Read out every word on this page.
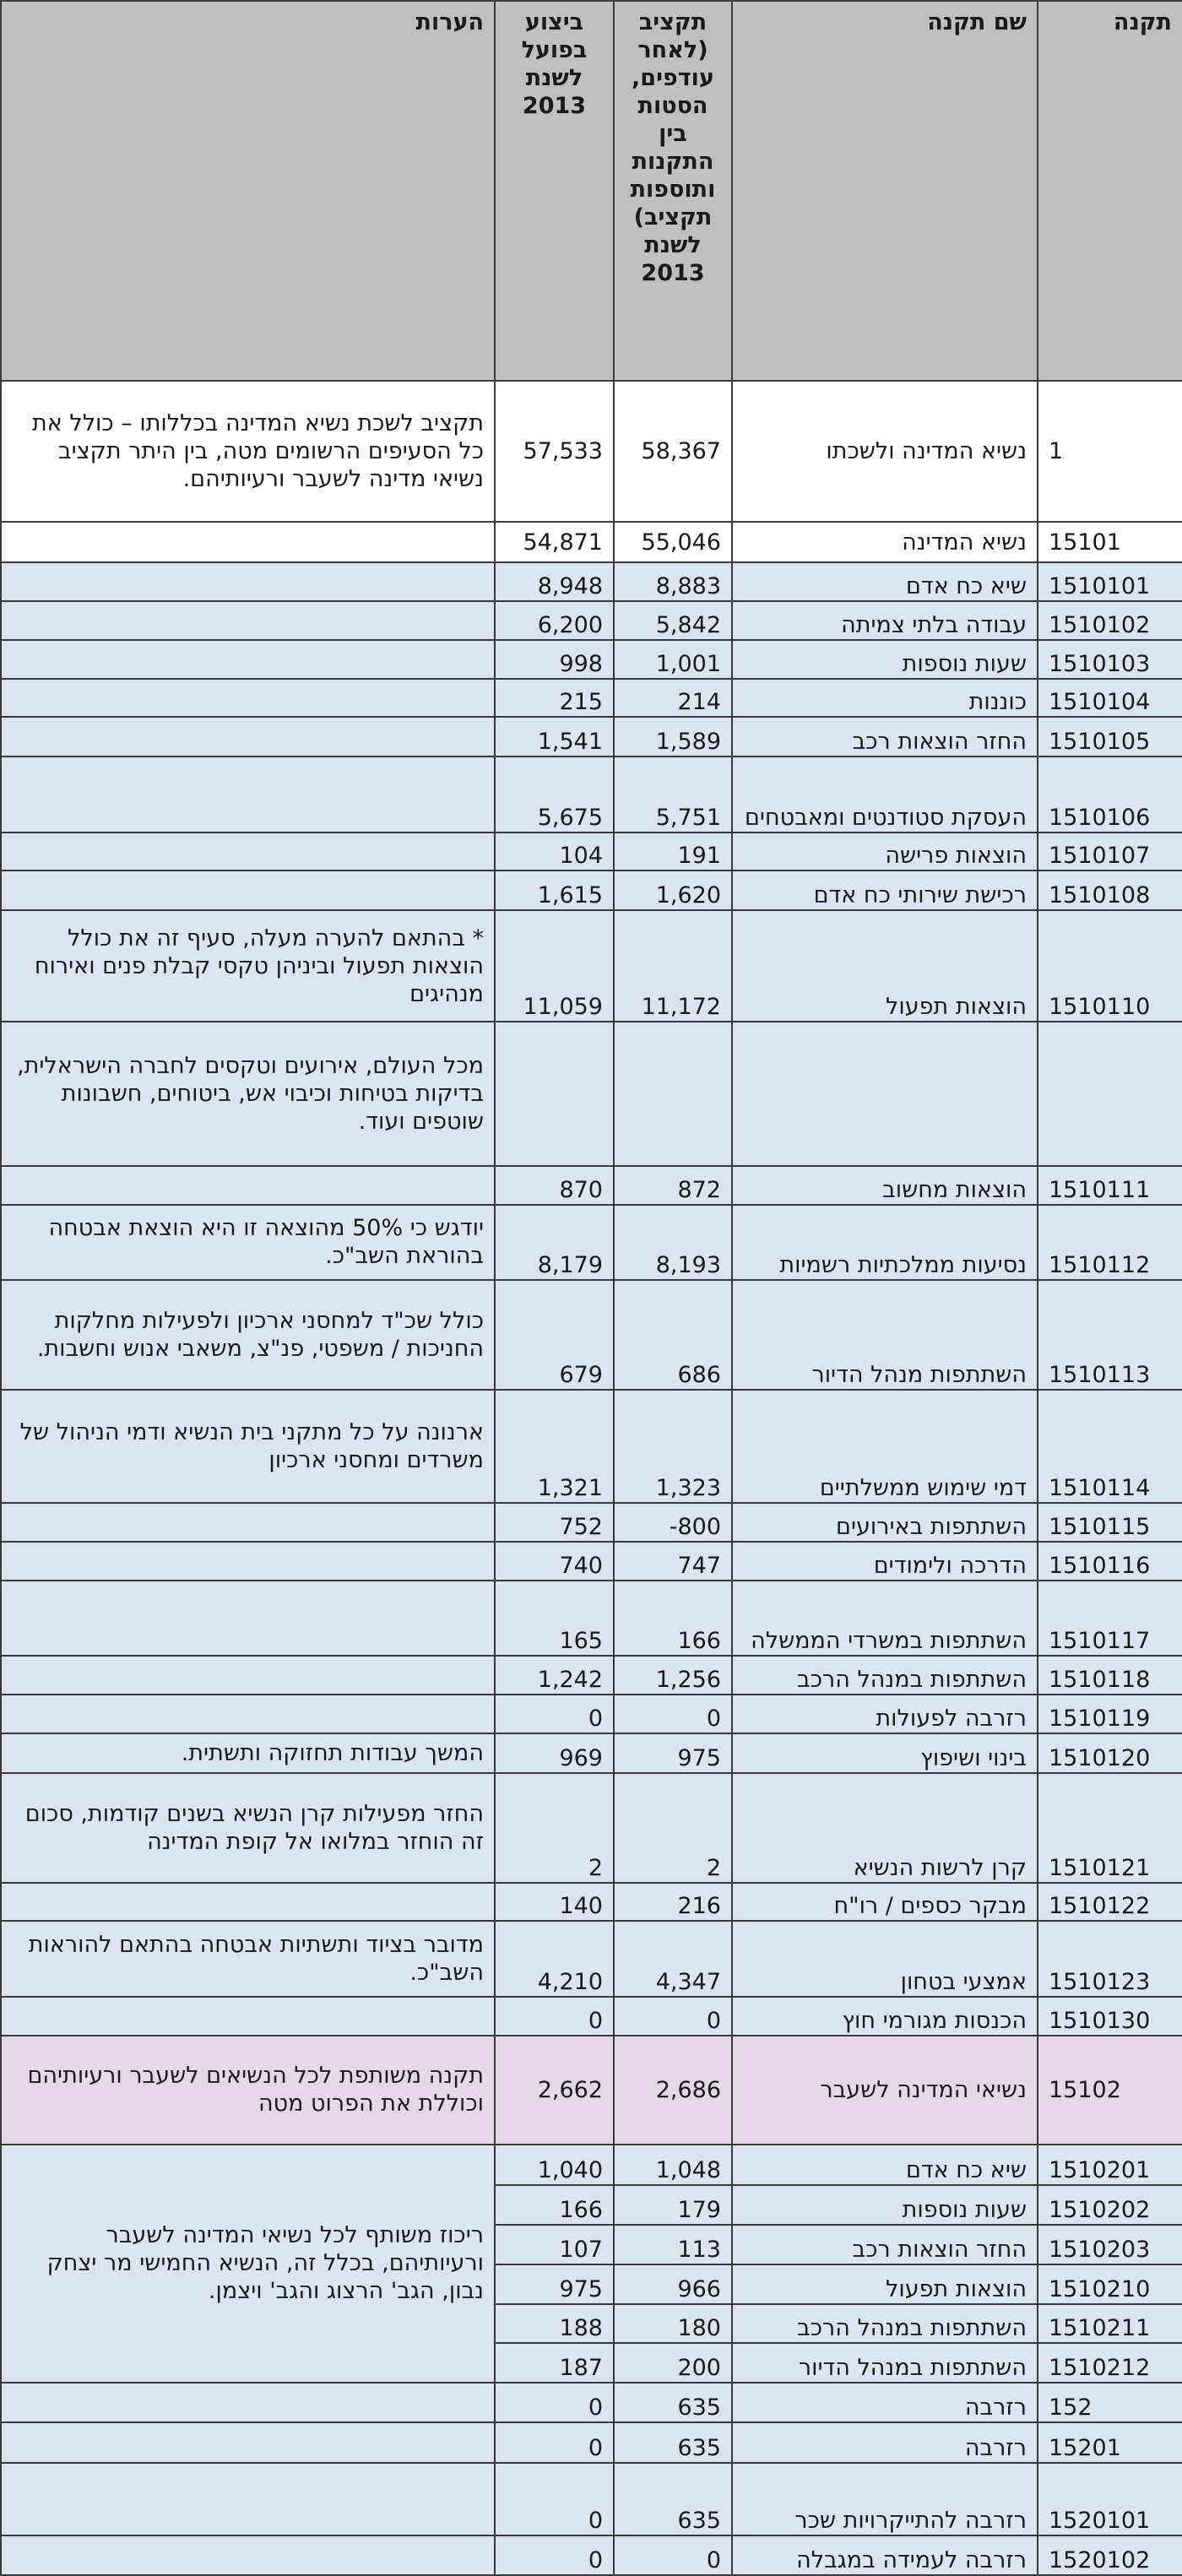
תקנה	שם תקנה	תקציב (לאחר עודפים, הסטות בין התקנות ותוספות תקציב) לשנת 2013	ביצוע בפועל לשנת 2013	הערות
1	נשיא המדינה ולשכתו	58,367	57,533	תקציב לשכת נשיא המדינה בכללותו – כולל את כל הסעיפים הרשומים מטה, בין היתר תקציב נשיאי מדינה לשעבר ורעיותיהם.
15101	נשיא המדינה	55,046	54,871	
1510101	שיא כח אדם	8,883	8,948	
1510102	עבודה בלתי צמיתה	5,842	6,200	
1510103	שעות נוספות	1,001	998	
1510104	כוננות	214	215	
1510105	החזר הוצאות רכב	1,589	1,541	
1510106	העסקת סטודנטים ומאבטחים	5,751	5,675	
1510107	הוצאות פרישה	191	104	
1510108	רכישת שירותי כח אדם	1,620	1,615	
1510110	הוצאות תפעול	11,172	11,059	* בהתאם להערה מעלה, סעיף זה את כולל הוצאות תפעול וביניהן טקסי קבלת פנים ואירוח מנהיגים
				מכל העולם, אירועים וטקסים לחברה הישראלית, בדיקות בטיחות וכיבוי אש, ביטוחים, חשבונות שוטפים ועוד.
1510111	הוצאות מחשוב	872	870	
1510112	נסיעות ממלכתיות רשמיות	8,193	8,179	יודגש כי 50% מהוצאה זו היא הוצאת אבטחה בהוראת השב"כ.
1510113	השתתפות מנהל הדיור	686	679	כולל שכ"ד למחסני ארכיון ולפעילות מחלקות החניכות / משפטי, פנ"צ, משאבי אנוש וחשבות.
1510114	דמי שימוש ממשלתיים	1,323	1,321	ארנונה על כל מתקני בית הנשיא ודמי הניהול של משרדים ומחסני ארכיון
1510115	השתתפות באירועים	-800	752	
1510116	הדרכה ולימודים	747	740	
1510117	השתתפות במשרדי הממשלה	166	165	
1510118	השתתפות במנהל הרכב	1,256	1,242	
1510119	רזרבה לפעולות	0	0	
1510120	בינוי ושיפוץ	975	969	המשך עבודות תחזוקה ותשתית.
1510121	קרן לרשות הנשיא	2	2	החזר מפעילות קרן הנשיא בשנים קודמות, סכום זה הוחזר במלואו אל קופת המדינה
1510122	מבקר כספים / רו"ח	216	140	
1510123	אמצעי בטחון	4,347	4,210	מדובר בציוד ותשתיות אבטחה בהתאם להוראות השב"כ.
1510130	הכנסות מגורמי חוץ	0	0	
15102	נשיאי המדינה לשעבר	2,686	2,662	תקנה משותפת לכל הנשיאים לשעבר ורעיותיהם וכוללת את הפרוט מטה
1510201	שיא כח אדם	1,048	1,040	ריכוז משותף לכל נשיאי המדינה לשעבר ורעיותיהם, בכלל זה, הנשיא החמישי מר יצחק נבון, הגב' הרצוג והגב' ויצמן.
1510202	שעות נוספות	179	166	
1510203	החזר הוצאות רכב	113	107	
1510210	הוצאות תפעול	966	975	
1510211	השתתפות במנהל הרכב	180	188	
1510212	השתתפות במנהל הדיור	200	187	
152	רזרבה	635	0	
15201	רזרבה	635	0	
1520101	רזרבה להתייקרויות שכר	635	0	
1520102	רזרבה לעמידה במגבלה	0	0	
